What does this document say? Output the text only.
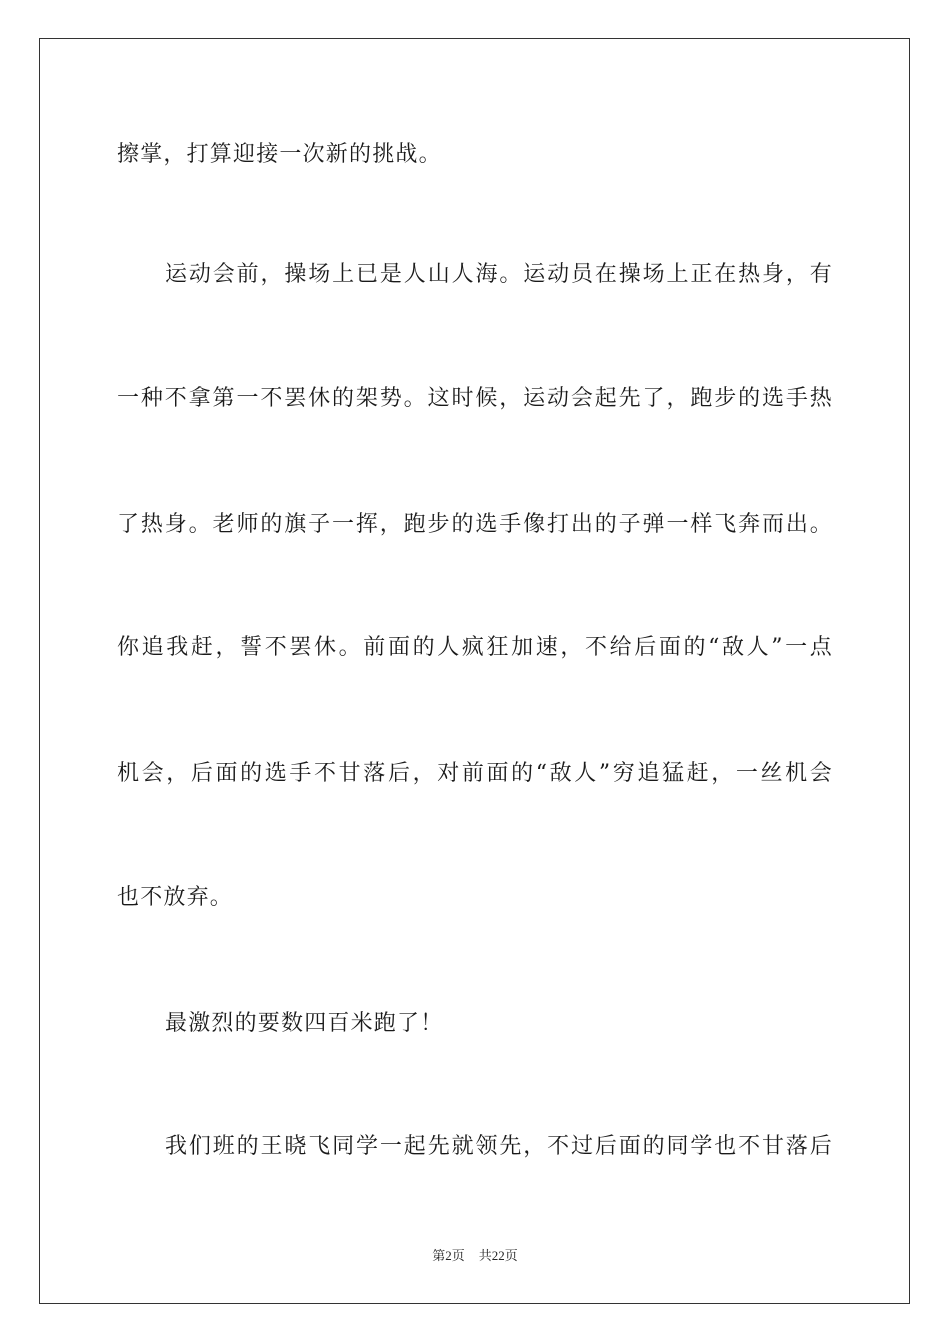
擦掌，打算迎接一次新的挑战。
运动会前，操场上已是人山人海。运动员在操场上正在热身，有
一种不拿第一不罢休的架势。这时候，运动会起先了，跑步的选手热
了热身。老师的旗子一挥，跑步的选手像打出的子弹一样飞奔而出。
你追我赶，誓不罢休。前面的人疯狂加速，不给后面的“敌人”一点
机会，后面的选手不甘落后，对前面的“敌人”穷追猛赶，一丝机会
也不放弃。
最激烈的要数四百米跑了！
我们班的王晓飞同学一起先就领先，不过后面的同学也不甘落后
第2页 共22页
